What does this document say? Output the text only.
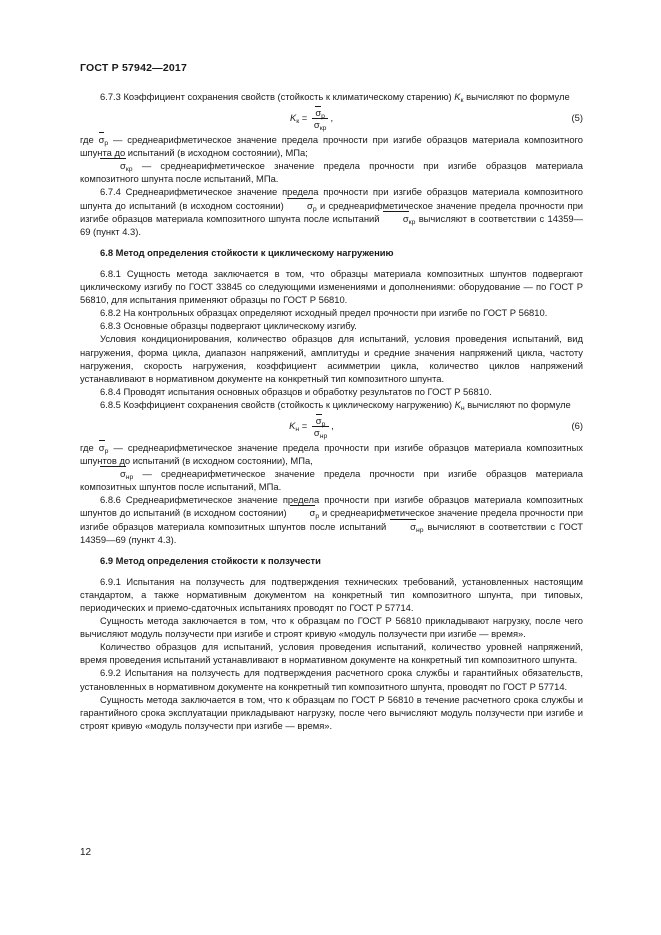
ГОСТ Р 57942—2017

6.7.3 Коэффициент сохранения свойств (стойкость к климатическому старению) $K_к$ вычисляют по формуле

$K_к = \frac{\sigma_р}{\sigma_{кр}}$ ,	(5)

где $\sigma_р$ — среднеарифметическое значение предела прочности при изгибе образцов материала композитного шпунта до испытаний (в исходном состоянии), МПа;

$\sigma_{кр}$ — среднеарифметическое значение предела прочности при изгибе образцов материала композитного шпунта после испытаний, МПа.

6.7.4 Среднеарифметическое значение предела прочности при изгибе образцов материала композитного шпунта до испытаний (в исходном состоянии) $\sigma_р$ и среднеарифметическое значение предела прочности при изгибе образцов материала композитного шпунта после испытаний $\sigma_{кр}$ вычисляют в соответствии с 14359—69 (пункт 4.3).

6.8 Метод определения стойкости к циклическому нагружению

6.8.1 Сущность метода заключается в том, что образцы материала композитных шпунтов подвергают циклическому изгибу по ГОСТ 33845 со следующими изменениями и дополнениями: оборудование — по ГОСТ Р 56810, для испытания применяют образцы по ГОСТ Р 56810.

6.8.2 На контрольных образцах определяют исходный предел прочности при изгибе по ГОСТ Р 56810.

6.8.3 Основные образцы подвергают циклическому изгибу.

Условия кондиционирования, количество образцов для испытаний, условия проведения испытаний, вид нагружения, форма цикла, диапазон напряжений, амплитуды и средние значения напряжений цикла, частоту нагружения, скорость нагружения, коэффициент асимметрии цикла, количество циклов напряжений устанавливают в нормативном документе на конкретный тип композитного шпунта.

6.8.4 Проводят испытания основных образцов и обработку результатов по ГОСТ Р 56810.

6.8.5 Коэффициент сохранения свойств (стойкость к циклическому нагружению) $K_н$ вычисляют по формуле

$K_н = \frac{\sigma_р}{\sigma_{нр}}$ ,	(6)

где $\sigma_р$ — среднеарифметическое значение предела прочности при изгибе образцов материала композитных шпунтов до испытаний (в исходном состоянии), МПа,

$\sigma_{нр}$ — среднеарифметическое значение предела прочности при изгибе образцов материала композитных шпунтов после испытаний, МПа.

6.8.6 Среднеарифметическое значение предела прочности при изгибе образцов материала композитных шпунтов до испытаний (в исходном состоянии) $\sigma_р$ и среднеарифметическое значение предела прочности при изгибе образцов материала композитных шпунтов после испытаний	$\sigma_{нр}$ вычисляют в соответствии с ГОСТ 14359—69 (пункт 4.3).

6.9 Метод определения стойкости к ползучести

6.9.1 Испытания на ползучесть для подтверждения технических требований, установленных настоящим стандартом, а также нормативным документом на конкретный тип композитного шпунта, при типовых, периодических и приемо-сдаточных испытаниях проводят по ГОСТ Р 57714.

Сущность метода заключается в том, что к образцам по ГОСТ Р 56810 прикладывают нагрузку, после чего вычисляют модуль ползучести при изгибе и строят кривую «модуль ползучести при изгибе — время».

Количество образцов для испытаний, условия проведения испытаний, количество уровней напряжений, время проведения испытаний устанавливают в нормативном документе на конкретный тип композитного шпунта.

6.9.2 Испытания на ползучесть для подтверждения расчетного срока службы и гарантийных обязательств, установленных в нормативном документе на конкретный тип композитного шпунта, проводят по ГОСТ Р 57714.

Сущность метода заключается в том, что к образцам по ГОСТ Р 56810 в течение расчетного срока службы и гарантийного срока эксплуатации прикладывают нагрузку, после чего вычисляют модуль ползучести при изгибе и строят кривую «модуль ползучести при изгибе — время».

12
